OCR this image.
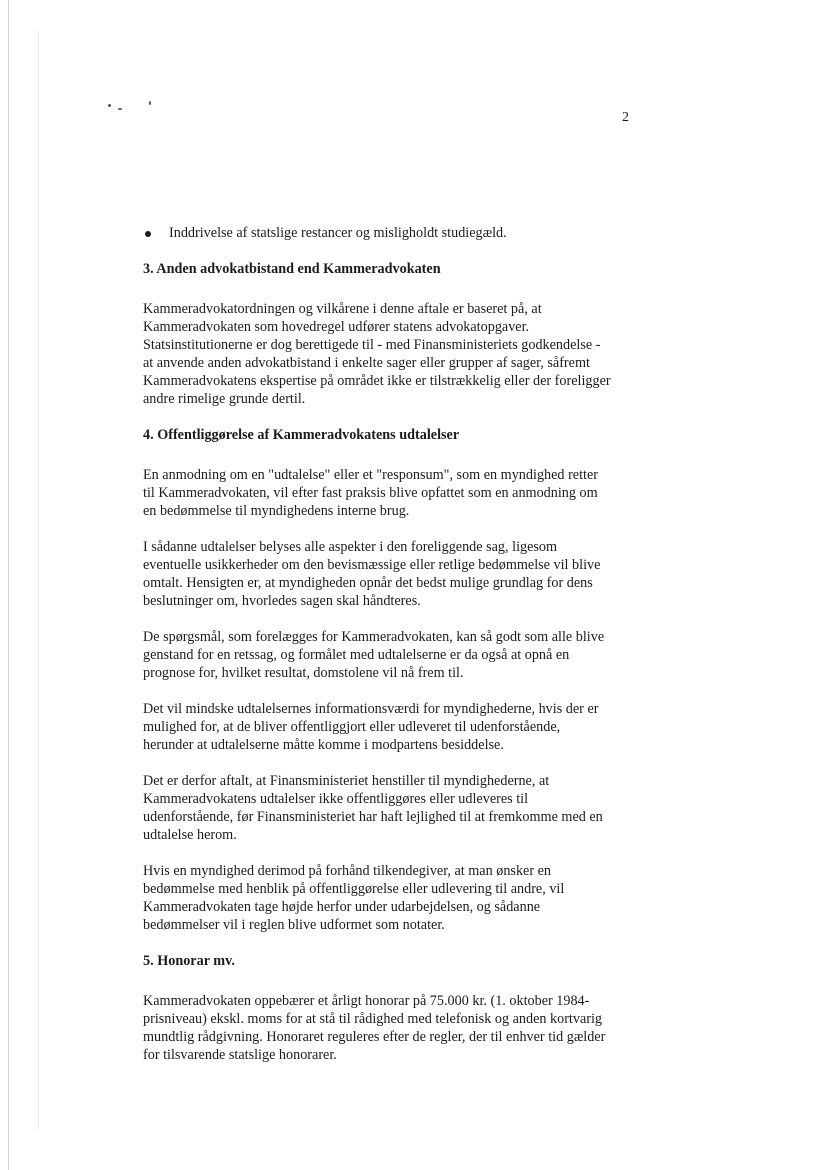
2
Inddrivelse af statslige restancer og misligholdt studiegæld.
3. Anden advokatbistand end Kammeradvokaten

Kammeradvokatordningen og vilkårene i denne aftale er baseret på, at Kammeradvokaten som hovedregel udfører statens advokatopgaver. Statsinstitutionerne er dog berettigede til - med Finansministeriets godkendelse - at anvende anden advokatbistand i enkelte sager eller grupper af sager, såfremt Kammeradvokatens ekspertise på området ikke er tilstrækkelig eller der foreligger andre rimelige grunde dertil.

4. Offentliggørelse af Kammeradvokatens udtalelser

En anmodning om en "udtalelse" eller et "responsum", som en myndighed retter til Kammeradvokaten, vil efter fast praksis blive opfattet som en anmodning om en bedømmelse til myndighedens interne brug.

I sådanne udtalelser belyses alle aspekter i den foreliggende sag, ligesom eventuelle usikkerheder om den bevismæssige eller retlige bedømmelse vil blive omtalt. Hensigten er, at myndigheden opnår det bedst mulige grundlag for dens beslutninger om, hvorledes sagen skal håndteres.

De spørgsmål, som forelægges for Kammeradvokaten, kan så godt som alle blive genstand for en retssag, og formålet med udtalelserne er da også at opnå en prognose for, hvilket resultat, domstolene vil nå frem til.

Det vil mindske udtalelsernes informationsværdi for myndighederne, hvis der er mulighed for, at de bliver offentliggjort eller udleveret til udenforstående, herunder at udtalelserne måtte komme i modpartens besiddelse.

Det er derfor aftalt, at Finansministeriet henstiller til myndighederne, at Kammeradvokatens udtalelser ikke offentliggøres eller udleveres til udenforstående, før Finansministeriet har haft lejlighed til at fremkomme med en udtalelse herom.

Hvis en myndighed derimod på forhånd tilkendegiver, at man ønsker en bedømmelse med henblik på offentliggørelse eller udlevering til andre, vil Kammeradvokaten tage højde herfor under udarbejdelsen, og sådanne bedømmelser vil i reglen blive udformet som notater.

5. Honorar mv.

Kammeradvokaten oppebærer et årligt honorar på 75.000 kr. (1. oktober 1984-prisniveau) ekskl. moms for at stå til rådighed med telefonisk og anden kortvarig mundtlig rådgivning. Honoraret reguleres efter de regler, der til enhver tid gælder for tilsvarende statslige honorarer.
